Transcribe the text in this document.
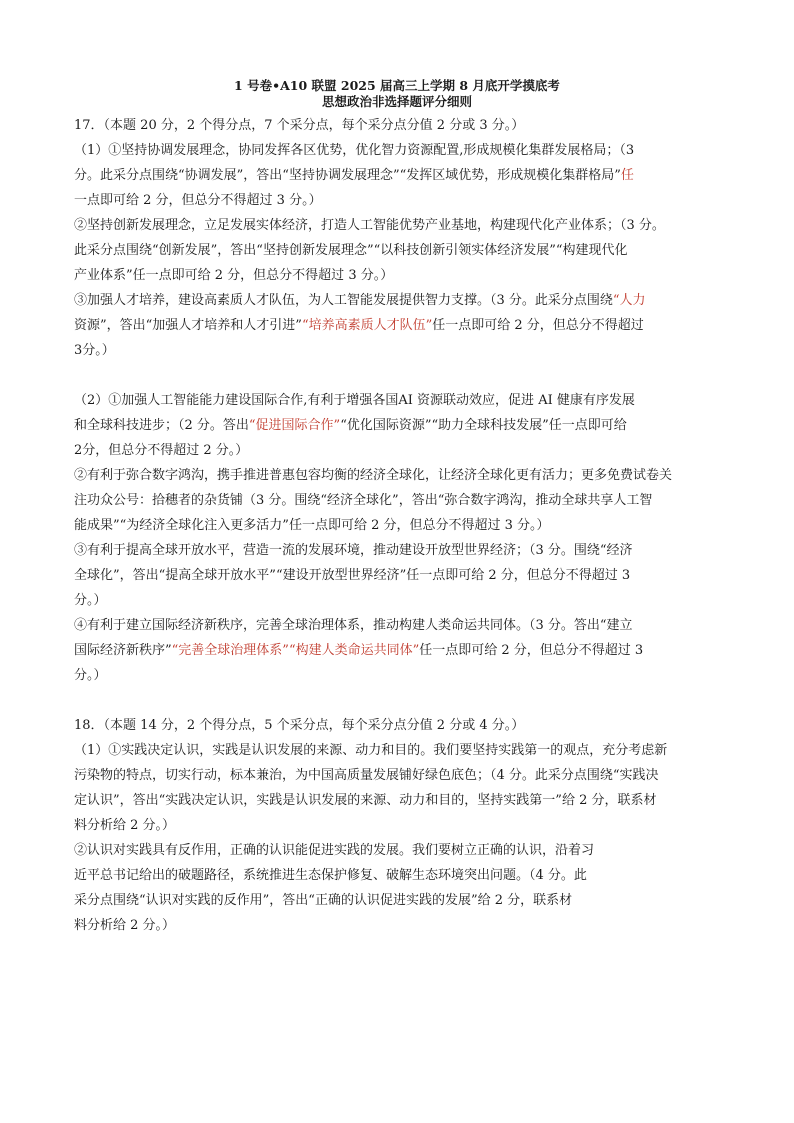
1 号卷•A10 联盟 2025 届高三上学期 8 月底开学摸底考
思想政治非选择题评分细则
17．（本题 20 分，2 个得分点，7 个采分点，每个采分点分值 2 分或 3 分。）
（1）①坚持协调发展理念，协同发挥各区优势，优化智力资源配置,形成规模化集群发展格局；（3
分。此采分点围绕“协调发展”，答出“坚持协调发展理念”“发挥区域优势，形成规模化集群格局”任
一点即可给 2 分，但总分不得超过 3 分。）
②坚持创新发展理念，立足发展实体经济，打造人工智能优势产业基地，构建现代化产业体系；（3 分。
此采分点围绕“创新发展”，答出“坚持创新发展理念”“以科技创新引领实体经济发展”“构建现代化
产业体系”任一点即可给 2 分，但总分不得超过 3 分。）
③加强人才培养，建设高素质人才队伍，为人工智能发展提供智力支撑。（3 分。此采分点围绕“人力
资源”，答出“加强人才培养和人才引进”“培养高素质人才队伍”任一点即可给 2 分，但总分不得超过
3分。）
（2）①加强人工智能能力建设国际合作,有利于增强各国AI 资源联动效应，促进 AI 健康有序发展
和全球科技进步；（2 分。答出“促进国际合作”“优化国际资源”“助力全球科技发展”任一点即可给
2分，但总分不得超过 2 分。）
②有利于弥合数字鸿沟，携手推进普惠包容均衡的经济全球化，让经济全球化更有活力；更多免费试卷关
注功众公号：拾穗者的杂货铺（3 分。围绕“经济全球化”，答出“弥合数字鸿沟，推动全球共享人工智
能成果”“为经济全球化注入更多活力”任一点即可给 2 分，但总分不得超过 3 分。）
③有利于提高全球开放水平，营造一流的发展环境，推动建设开放型世界经济；（3 分。围绕“经济
全球化”，答出“提高全球开放水平”“建设开放型世界经济”任一点即可给 2 分，但总分不得超过 3
分。）
④有利于建立国际经济新秩序，完善全球治理体系，推动构建人类命运共同体。（3 分。答出“建立
国际经济新秩序”“完善全球治理体系”“构建人类命运共同体”任一点即可给 2 分，但总分不得超过 3
分。）
18．（本题 14 分，2 个得分点，5 个采分点，每个采分点分值 2 分或 4 分。）
（1）①实践决定认识，实践是认识发展的来源、动力和目的。我们要坚持实践第一的观点，充分考虑新
污染物的特点，切实行动，标本兼治，为中国高质量发展铺好绿色底色；（4 分。此采分点围绕“实践决
定认识”，答出“实践决定认识，实践是认识发展的来源、动力和目的，坚持实践第一”给 2 分，联系材
料分析给 2 分。）
②认识对实践具有反作用，正确的认识能促进实践的发展。我们要树立正确的认识，沿着习
近平总书记给出的破题路径，系统推进生态保护修复、破解生态环境突出问题。（4 分。此
采分点围绕“认识对实践的反作用”，答出“正确的认识促进实践的发展”给 2 分，联系材
料分析给 2 分。）
